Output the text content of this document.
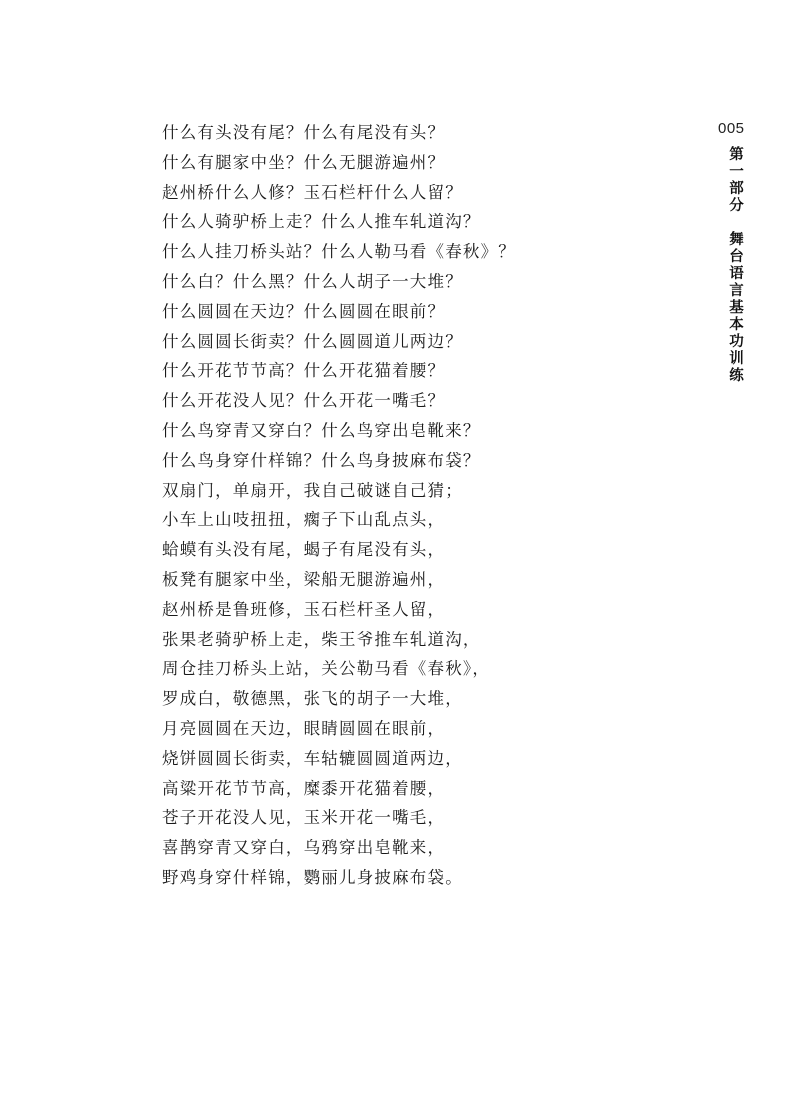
什么有头没有尾？什么有尾没有头？
什么有腿家中坐？什么无腿游遍州？
赵州桥什么人修？玉石栏杆什么人留？
什么人骑驴桥上走？什么人推车轧道沟？
什么人挂刀桥头站？什么人勒马看《春秋》？
什么白？什么黑？什么人胡子一大堆？
什么圆圆在天边？什么圆圆在眼前？
什么圆圆长街卖？什么圆圆道儿两边？
什么开花节节高？什么开花猫着腰？
什么开花没人见？什么开花一嘴毛？
什么鸟穿青又穿白？什么鸟穿出皂靴来？
什么鸟身穿什样锦？什么鸟身披麻布袋？
双扇门，单扇开，我自己破谜自己猜；
小车上山吱扭扭，瘸子下山乱点头，
蛤蟆有头没有尾，蝎子有尾没有头，
板凳有腿家中坐，梁船无腿游遍州，
赵州桥是鲁班修，玉石栏杆圣人留，
张果老骑驴桥上走，柴王爷推车轧道沟，
周仓挂刀桥头上站，关公勒马看《春秋》，
罗成白，敬德黑，张飞的胡子一大堆，
月亮圆圆在天边，眼睛圆圆在眼前，
烧饼圆圆长街卖，车轱辘圆圆道两边，
高粱开花节节高，糜黍开花猫着腰，
苍子开花没人见，玉米开花一嘴毛，
喜鹊穿青又穿白，乌鸦穿出皂靴来，
野鸡身穿什样锦，鹦丽儿身披麻布袋。
005
第一部分　舞台语言基本功训练
